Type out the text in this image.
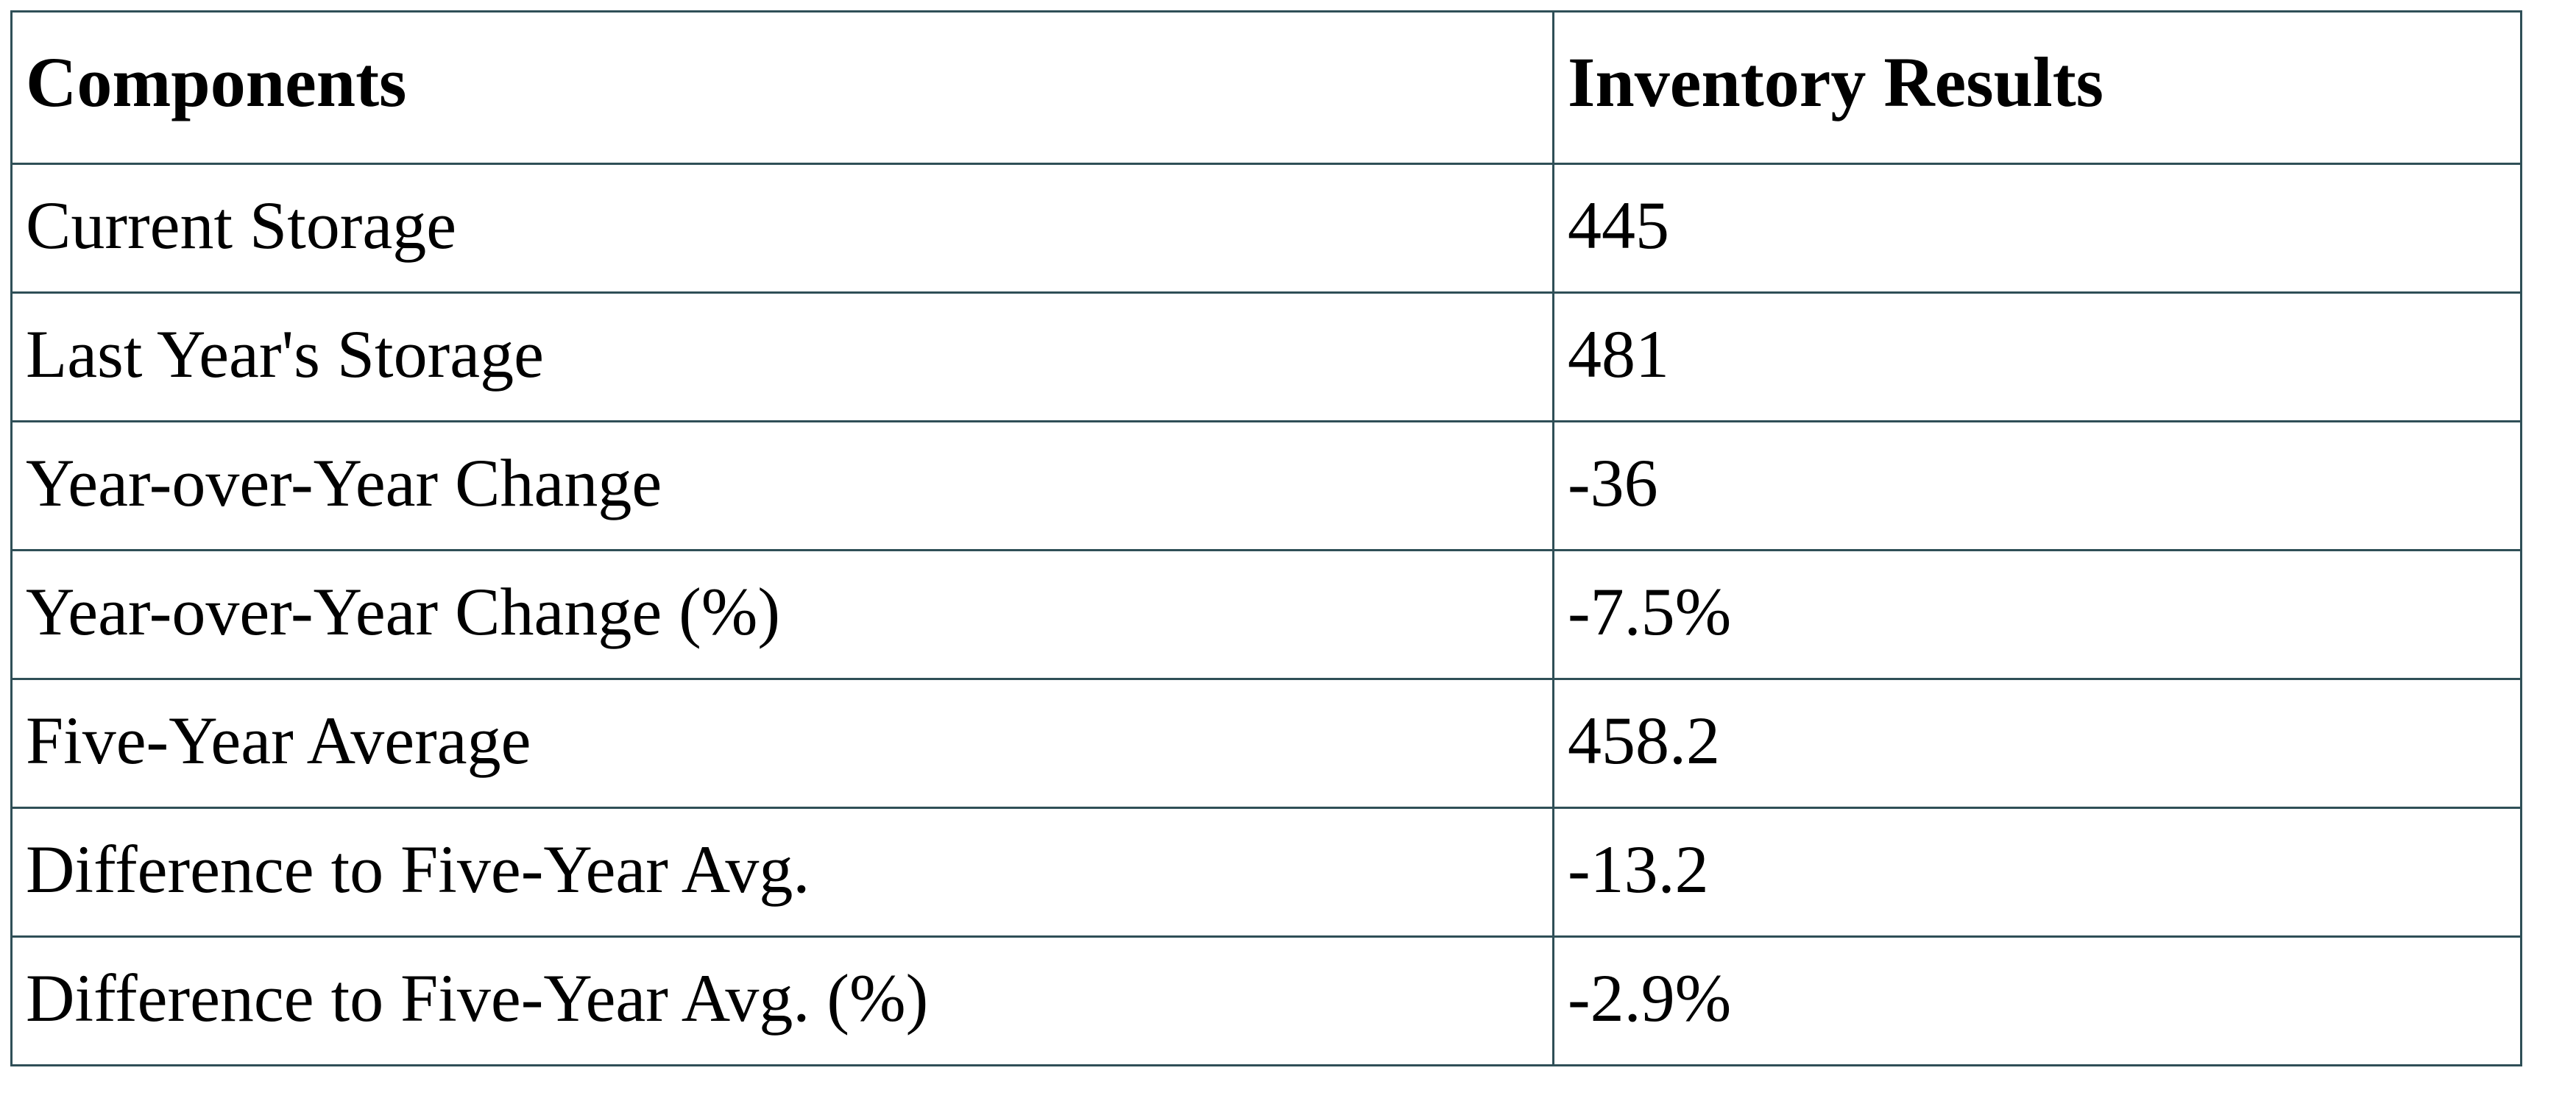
Components	Inventory Results
Current Storage	445
Last Year's Storage	481
Year-over-Year Change	-36
Year-over-Year Change (%)	-7.5%
Five-Year Average	458.2
Difference to Five-Year Avg.	-13.2
Difference to Five-Year Avg. (%)	-2.9%
